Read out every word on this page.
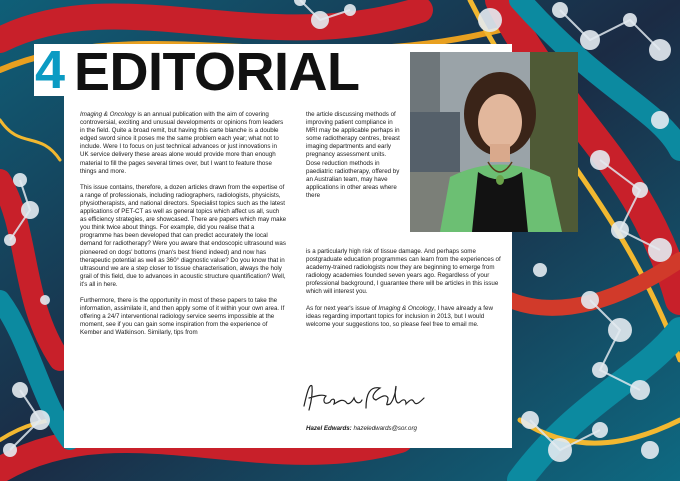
4 EDITORIAL

Imaging & Oncology is an annual publication with the aim of covering controversial, exciting and unusual developments or opinions from leaders in the field. Quite a broad remit, but having this carte blanche is a double edged sword since it poses me the same problem each year; what not to include. Were I to focus on just technical advances or just innovations in UK service delivery these areas alone would provide more than enough material to fill the pages several times over, but I want to feature those things and more.

This issue contains, therefore, a dozen articles drawn from the expertise of a range of professionals, including radiographers, radiologists, physicists, physiotherapists, and national directors. Specialist topics such as the latest applications of PET-CT as well as general topics which affect us all, such as efficiency strategies, are showcased. There are papers which may make you think twice about things. For example, did you realise that a programme has been developed that can predict accurately the local demand for radiotherapy? Were you aware that endoscopic ultrasound was pioneered on dogs' bottoms (man's best friend indeed) and now has therapeutic potential as well as 360° diagnostic value? Do you know that in ultrasound we are a step closer to tissue characterisation, always the holy grail of this field, due to advances in acoustic structure quantification? Well, it's all in here.

Furthermore, there is the opportunity in most of these papers to take the information, assimilate it, and then apply some of it within your own area. If offering a 24/7 interventional radiology service seems impossible at the moment, see if you can gain some inspiration from the experience of Kember and Watkinson. Similarly, tips from

the article discussing methods of improving patient compliance in MRI may be applicable perhaps in some radiotherapy centres, breast imaging departments and early pregnancy assessment units. Dose reduction methods in paediatric radiotherapy, offered by an Australian team, may have applications in other areas where there

is a particularly high risk of tissue damage. And perhaps some postgraduate education programmes can learn from the experiences of academy-trained radiologists now they are beginning to emerge from radiology academies founded seven years ago. Regardless of your professional background, I guarantee there will be articles in this issue which will interest you.

As for next year's issue of Imaging & Oncology, I have already a few ideas regarding important topics for inclusion in 2013, but I would welcome your suggestions too, so please feel free to email me.

Hazel Edwards: hazeledwards@sor.org
